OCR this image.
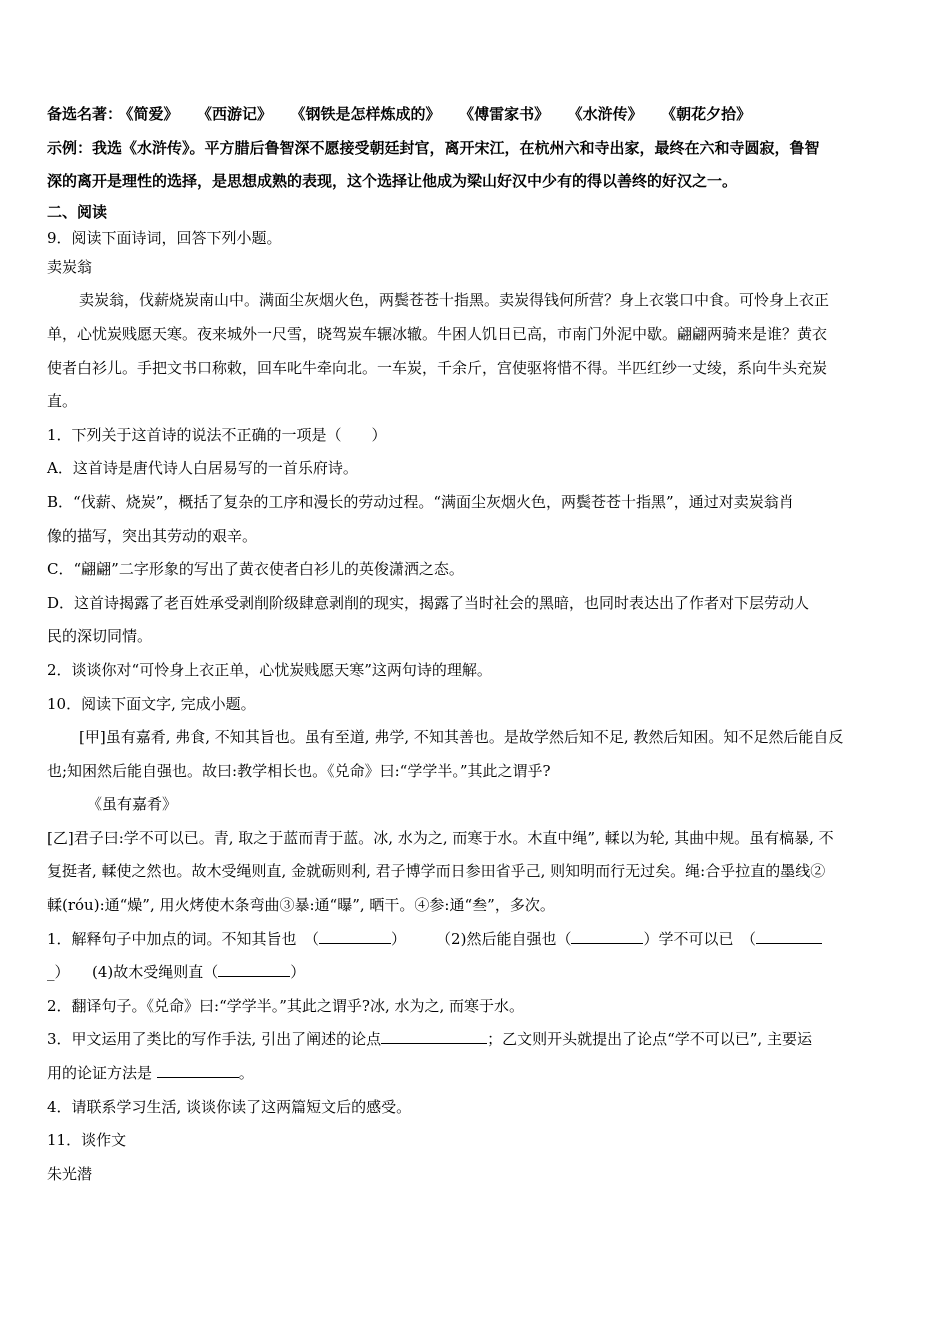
备选名著： 《简爱》 《西游记》 《钢铁是怎样炼成的》 《傅雷家书》 《水浒传》 《朝花夕拾》

示例：我选《水浒传》。平方腊后鲁智深不愿接受朝廷封官，离开宋江，在杭州六和寺出家，最终在六和寺圆寂，鲁智

深的离开是理性的选择，是思想成熟的表现，这个选择让他成为梁山好汉中少有的得以善终的好汉之一。

二、阅读

9．阅读下面诗词，回答下列小题。

卖炭翁

卖炭翁，伐薪烧炭南山中。满面尘灰烟火色，两鬓苍苍十指黑。卖炭得钱何所营？身上衣裳口中食。可怜身上衣正

单，心忧炭贱愿天寒。夜来城外一尺雪，晓驾炭车辗冰辙。牛困人饥日已高，市南门外泥中歇。翩翩两骑来是谁？黄衣

使者白衫儿。手把文书口称敕，回车叱牛牵向北。一车炭，千余斤，宫使驱将惜不得。半匹红纱一丈绫，系向牛头充炭

直。

1．下列关于这首诗的说法不正确的一项是（　　）

A．这首诗是唐代诗人白居易写的一首乐府诗。

B．“伐薪、烧炭”，概括了复杂的工序和漫长的劳动过程。“满面尘灰烟火色，两鬓苍苍十指黑”，通过对卖炭翁肖

像的描写，突出其劳动的艰辛。

C．“翩翩”二字形象的写出了黄衣使者白衫儿的英俊潇洒之态。

D．这首诗揭露了老百姓承受剥削阶级肆意剥削的现实，揭露了当时社会的黑暗，也同时表达出了作者对下层劳动人

民的深切同情。

2．谈谈你对“可怜身上衣正单，心忧炭贱愿天寒”这两句诗的理解。

10．阅读下面文字, 完成小题。

[甲]虽有嘉肴, 弗食, 不知其旨也。虽有至道, 弗学, 不知其善也。是故学然后知不足, 教然后知困。知不足然后能自反

也;知困然后能自强也。故曰:教学相长也。《兑命》曰:“学学半。”其此之谓乎?

《虽有嘉肴》

[乙]君子曰:学不可以已。青, 取之于蓝而青于蓝。冰, 水为之, 而寒于水。木直中绳”, 輮以为轮, 其曲中规。虽有槁暴, 不

复挺者, 輮使之然也。故木受绳则直, 金就砺则利, 君子博学而日参田省乎己, 则知明而行无过矣。绳:合乎拉直的墨线②

輮(róu):通“燥”, 用火烤使木条弯曲③暴:通“曝”, 晒干。④参:通“叁”，多次。

1．解释句子中加点的词。不知其旨也　（	）　　　（2)然后能自强也（	）学不可以已　（

_）　　(4)故木受绳则直（	）

2．翻译句子。《兑命》曰:“学学半。”其此之谓乎?冰, 水为之, 而寒于水。

3．甲文运用了类比的写作手法, 引出了阐述的论点	；乙文则开头就提出了论点“学不可以已”, 主要运

用的论证方法是	。

4．请联系学习生活, 谈谈你读了这两篇短文后的感受。

11．谈作文

朱光潜
